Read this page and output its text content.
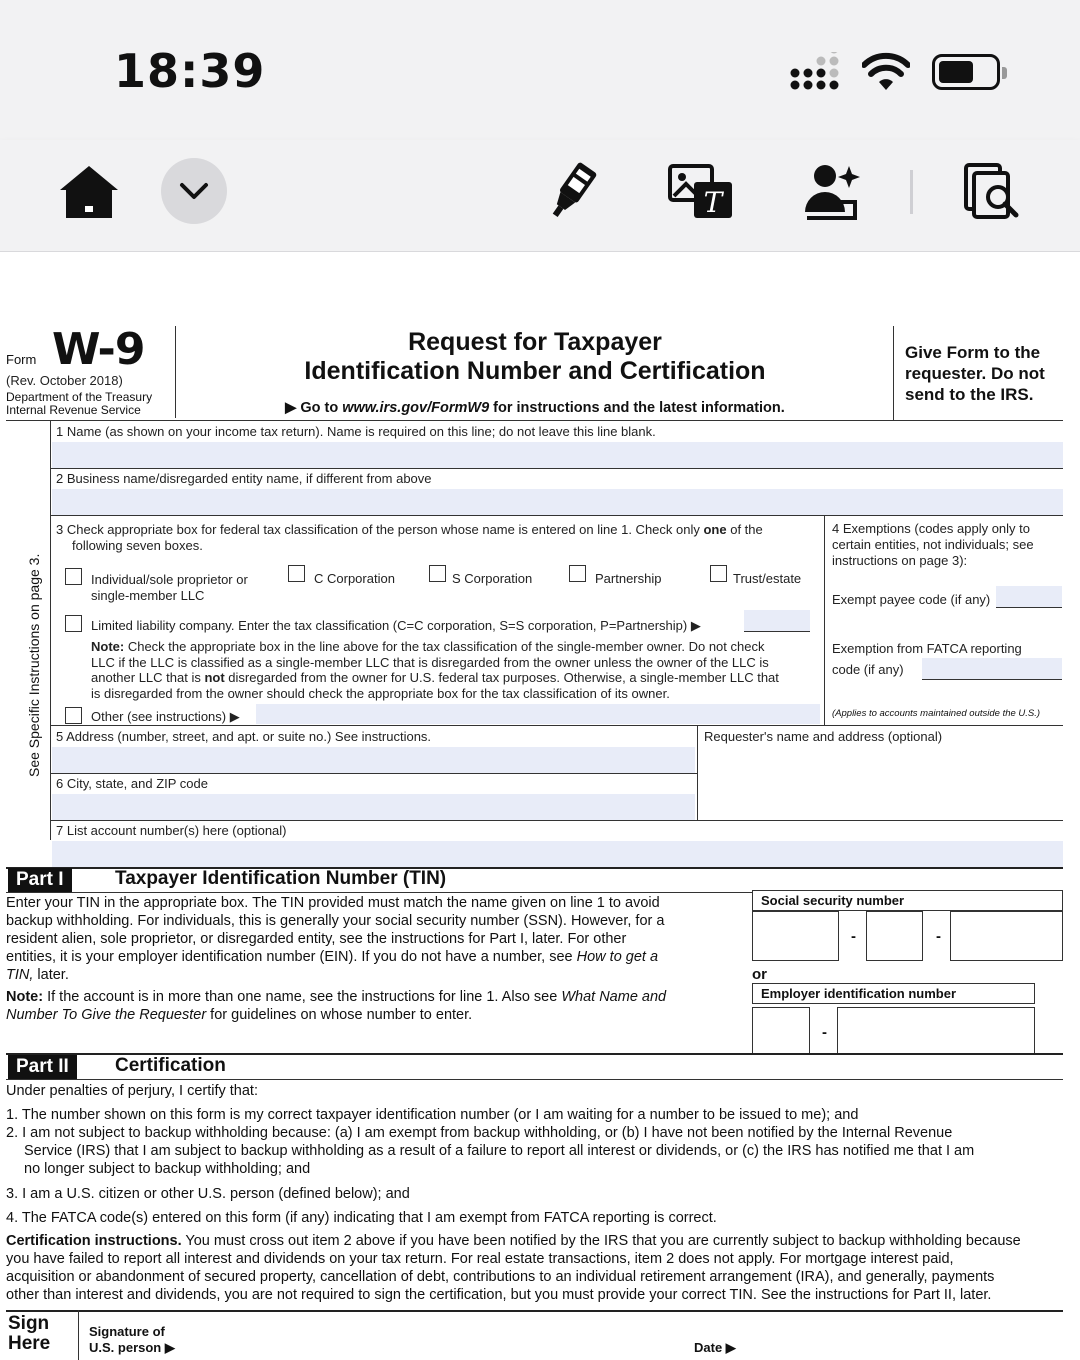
18:39
T
Form W-9
(Rev. October 2018)
Department of the Treasury
Internal Revenue Service
Request for Taxpayer
Identification Number and Certification
▶ Go to www.irs.gov/FormW9 for instructions and the latest information.
Give Form to the requester. Do not send to the IRS.
See Specific Instructions on page 3.
1 Name (as shown on your income tax return). Name is required on this line; do not leave this line blank.
2 Business name/disregarded entity name, if different from above
3 Check appropriate box for federal tax classification of the person whose name is entered on line 1. Check only one of the
following seven boxes.
Individual/sole proprietor or
single-member LLC
C Corporation	S Corporation	Partnership	Trust/estate
Limited liability company. Enter the tax classification (C=C corporation, S=S corporation, P=Partnership) ▶
Note: Check the appropriate box in the line above for the tax classification of the single-member owner. Do not check
LLC if the LLC is classified as a single-member LLC that is disregarded from the owner unless the owner of the LLC is
another LLC that is not disregarded from the owner for U.S. federal tax purposes. Otherwise, a single-member LLC that
is disregarded from the owner should check the appropriate box for the tax classification of its owner.
Other (see instructions) ▶
4 Exemptions (codes apply only to
certain entities, not individuals; see
instructions on page 3):
Exempt payee code (if any)
Exemption from FATCA reporting
code (if any)
(Applies to accounts maintained outside the U.S.)
5 Address (number, street, and apt. or suite no.) See instructions.	Requester's name and address (optional)
6 City, state, and ZIP code
7 List account number(s) here (optional)
Part I	Taxpayer Identification Number (TIN)
Enter your TIN in the appropriate box. The TIN provided must match the name given on line 1 to avoid
backup withholding. For individuals, this is generally your social security number (SSN). However, for a
resident alien, sole proprietor, or disregarded entity, see the instructions for Part I, later. For other
entities, it is your employer identification number (EIN). If you do not have a number, see How to get a
TIN, later.
Note: If the account is in more than one name, see the instructions for line 1. Also see What Name and
Number To Give the Requester for guidelines on whose number to enter.
Social security number
-	-
or
Employer identification number
-
Part II	Certification
Under penalties of perjury, I certify that:
1. The number shown on this form is my correct taxpayer identification number (or I am waiting for a number to be issued to me); and
2. I am not subject to backup withholding because: (a) I am exempt from backup withholding, or (b) I have not been notified by the Internal Revenue
Service (IRS) that I am subject to backup withholding as a result of a failure to report all interest or dividends, or (c) the IRS has notified me that I am
no longer subject to backup withholding; and
3. I am a U.S. citizen or other U.S. person (defined below); and
4. The FATCA code(s) entered on this form (if any) indicating that I am exempt from FATCA reporting is correct.
Certification instructions. You must cross out item 2 above if you have been notified by the IRS that you are currently subject to backup withholding because
you have failed to report all interest and dividends on your tax return. For real estate transactions, item 2 does not apply. For mortgage interest paid,
acquisition or abandonment of secured property, cancellation of debt, contributions to an individual retirement arrangement (IRA), and generally, payments
other than interest and dividends, you are not required to sign the certification, but you must provide your correct TIN. See the instructions for Part II, later.
Sign
Here
Signature of
U.S. person ▶	Date ▶
